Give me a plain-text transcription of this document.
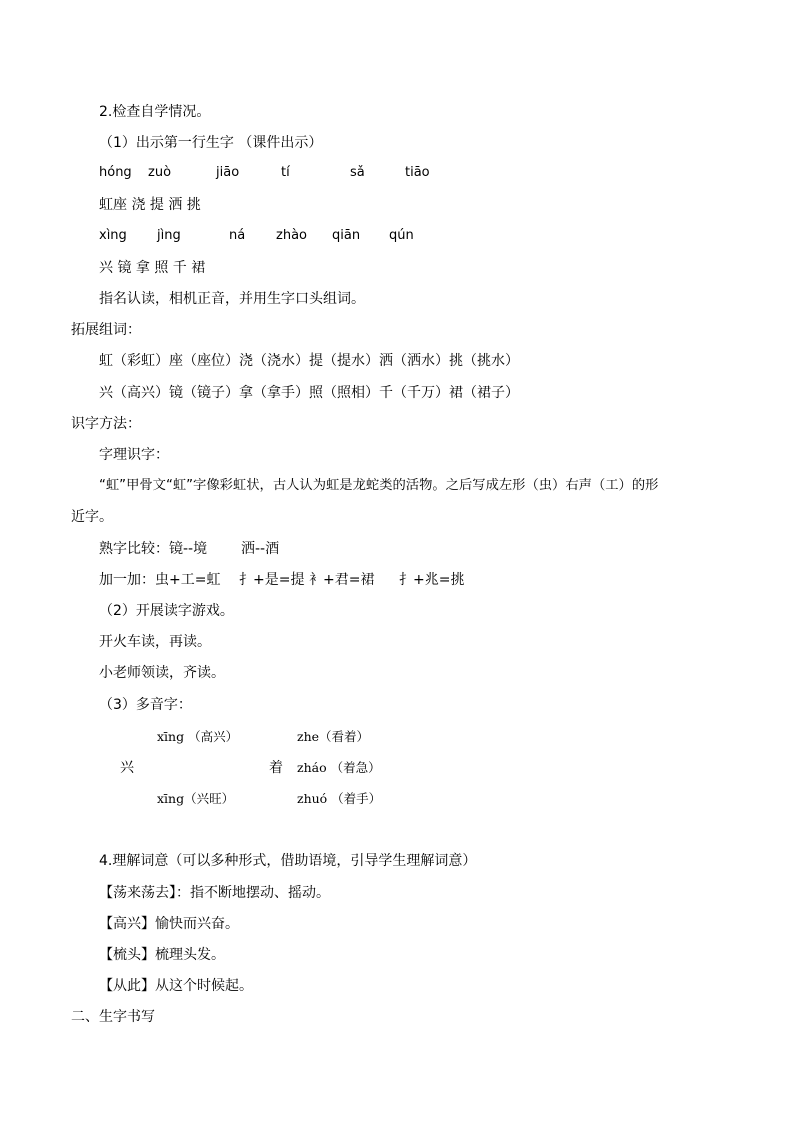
2.检查自学情况。
（1）出示第一行生字 （课件出示）
hóng zuò	jiāo	tí	sǎ	tiāo
虹座 浇 提 洒 挑
xìng jìng	ná zhào qiān qún
兴 镜 拿 照 千 裙
指名认读，相机正音，并用生字口头组词。
拓展组词：
虹（彩虹）座（座位）浇（浇水）提（提水）洒（洒水）挑（挑水）
兴（高兴）镜（镜子）拿（拿手）照（照相）千（千万）裙（裙子）
识字方法：
字理识字：
“虹”甲骨文“虹”字像彩虹状，古人认为虹是龙蛇类的活物。之后写成左形（虫）右声（工）的形
近字。
熟字比较： 镜--境 洒--酒
加一加： 虫+工=虹 扌+是=提 衤+君=裙 扌+兆=挑
（2）开展读字游戏。
开火车读，再读。
小老师领读，齐读。
（3）多音字：
xīng （高兴）	zhe（看着）
兴	着 zháo （着急）
xīng（兴旺）	zhuó （着手）
4.理解词意（可以多种形式，借助语境，引导学生理解词意）
【荡来荡去】：指不断地摆动、摇动。
【高兴】愉快而兴奋。
【梳头】梳理头发。
【从此】从这个时候起。
二、生字书写
